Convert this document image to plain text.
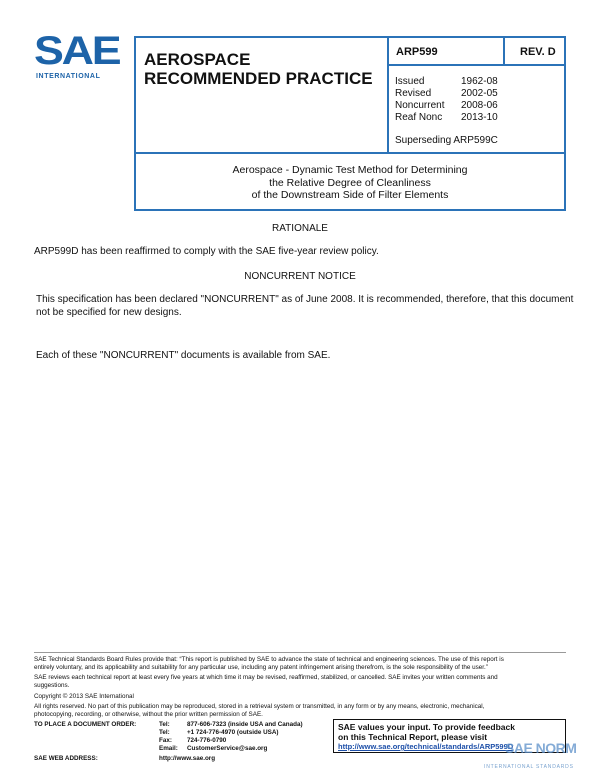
SAE
INTERNATIONAL
AEROSPACE
RECOMMENDED PRACTICE
ARP599	REV. D
Issued	1962-08
Revised	2002-05
Noncurrent	2008-06
Reaf Nonc	2013-10
Superseding ARP599C
Aerospace - Dynamic Test Method for Determining
the Relative Degree of Cleanliness
of the Downstream Side of Filter Elements
RATIONALE
ARP599D has been reaffirmed to comply with the SAE five-year review policy.
NONCURRENT NOTICE
This specification has been declared "NONCURRENT" as of June 2008. It is recommended, therefore, that this document
not be specified for new designs.
Each of these "NONCURRENT" documents is available from SAE.
SAE Technical Standards Board Rules provide that: “This report is published by SAE to advance the state of technical and engineering sciences. The use of this report is
entirely voluntary, and its applicability and suitability for any particular use, including any patent infringement arising therefrom, is the sole responsibility of the user.”
SAE reviews each technical report at least every five years at which time it may be revised, reaffirmed, stabilized, or cancelled. SAE invites your written comments and
suggestions.
Copyright © 2013 SAE International
All rights reserved. No part of this publication may be reproduced, stored in a retrieval system or transmitted, in any form or by any means, electronic, mechanical,
photocopying, recording, or otherwise, without the prior written permission of SAE.
TO PLACE A DOCUMENT ORDER:	Tel:	877-606-7323 (inside USA and Canada)
Tel:	+1 724-776-4970 (outside USA)
Fax:	724-776-0790
Email:	CustomerService@sae.org
SAE WEB ADDRESS:	http://www.sae.org
SAE values your input. To provide feedback
on this Technical Report, please visit
http://www.sae.org/technical/standards/ARP599D
SAE NORM
INTERNATIONAL STANDARDS
